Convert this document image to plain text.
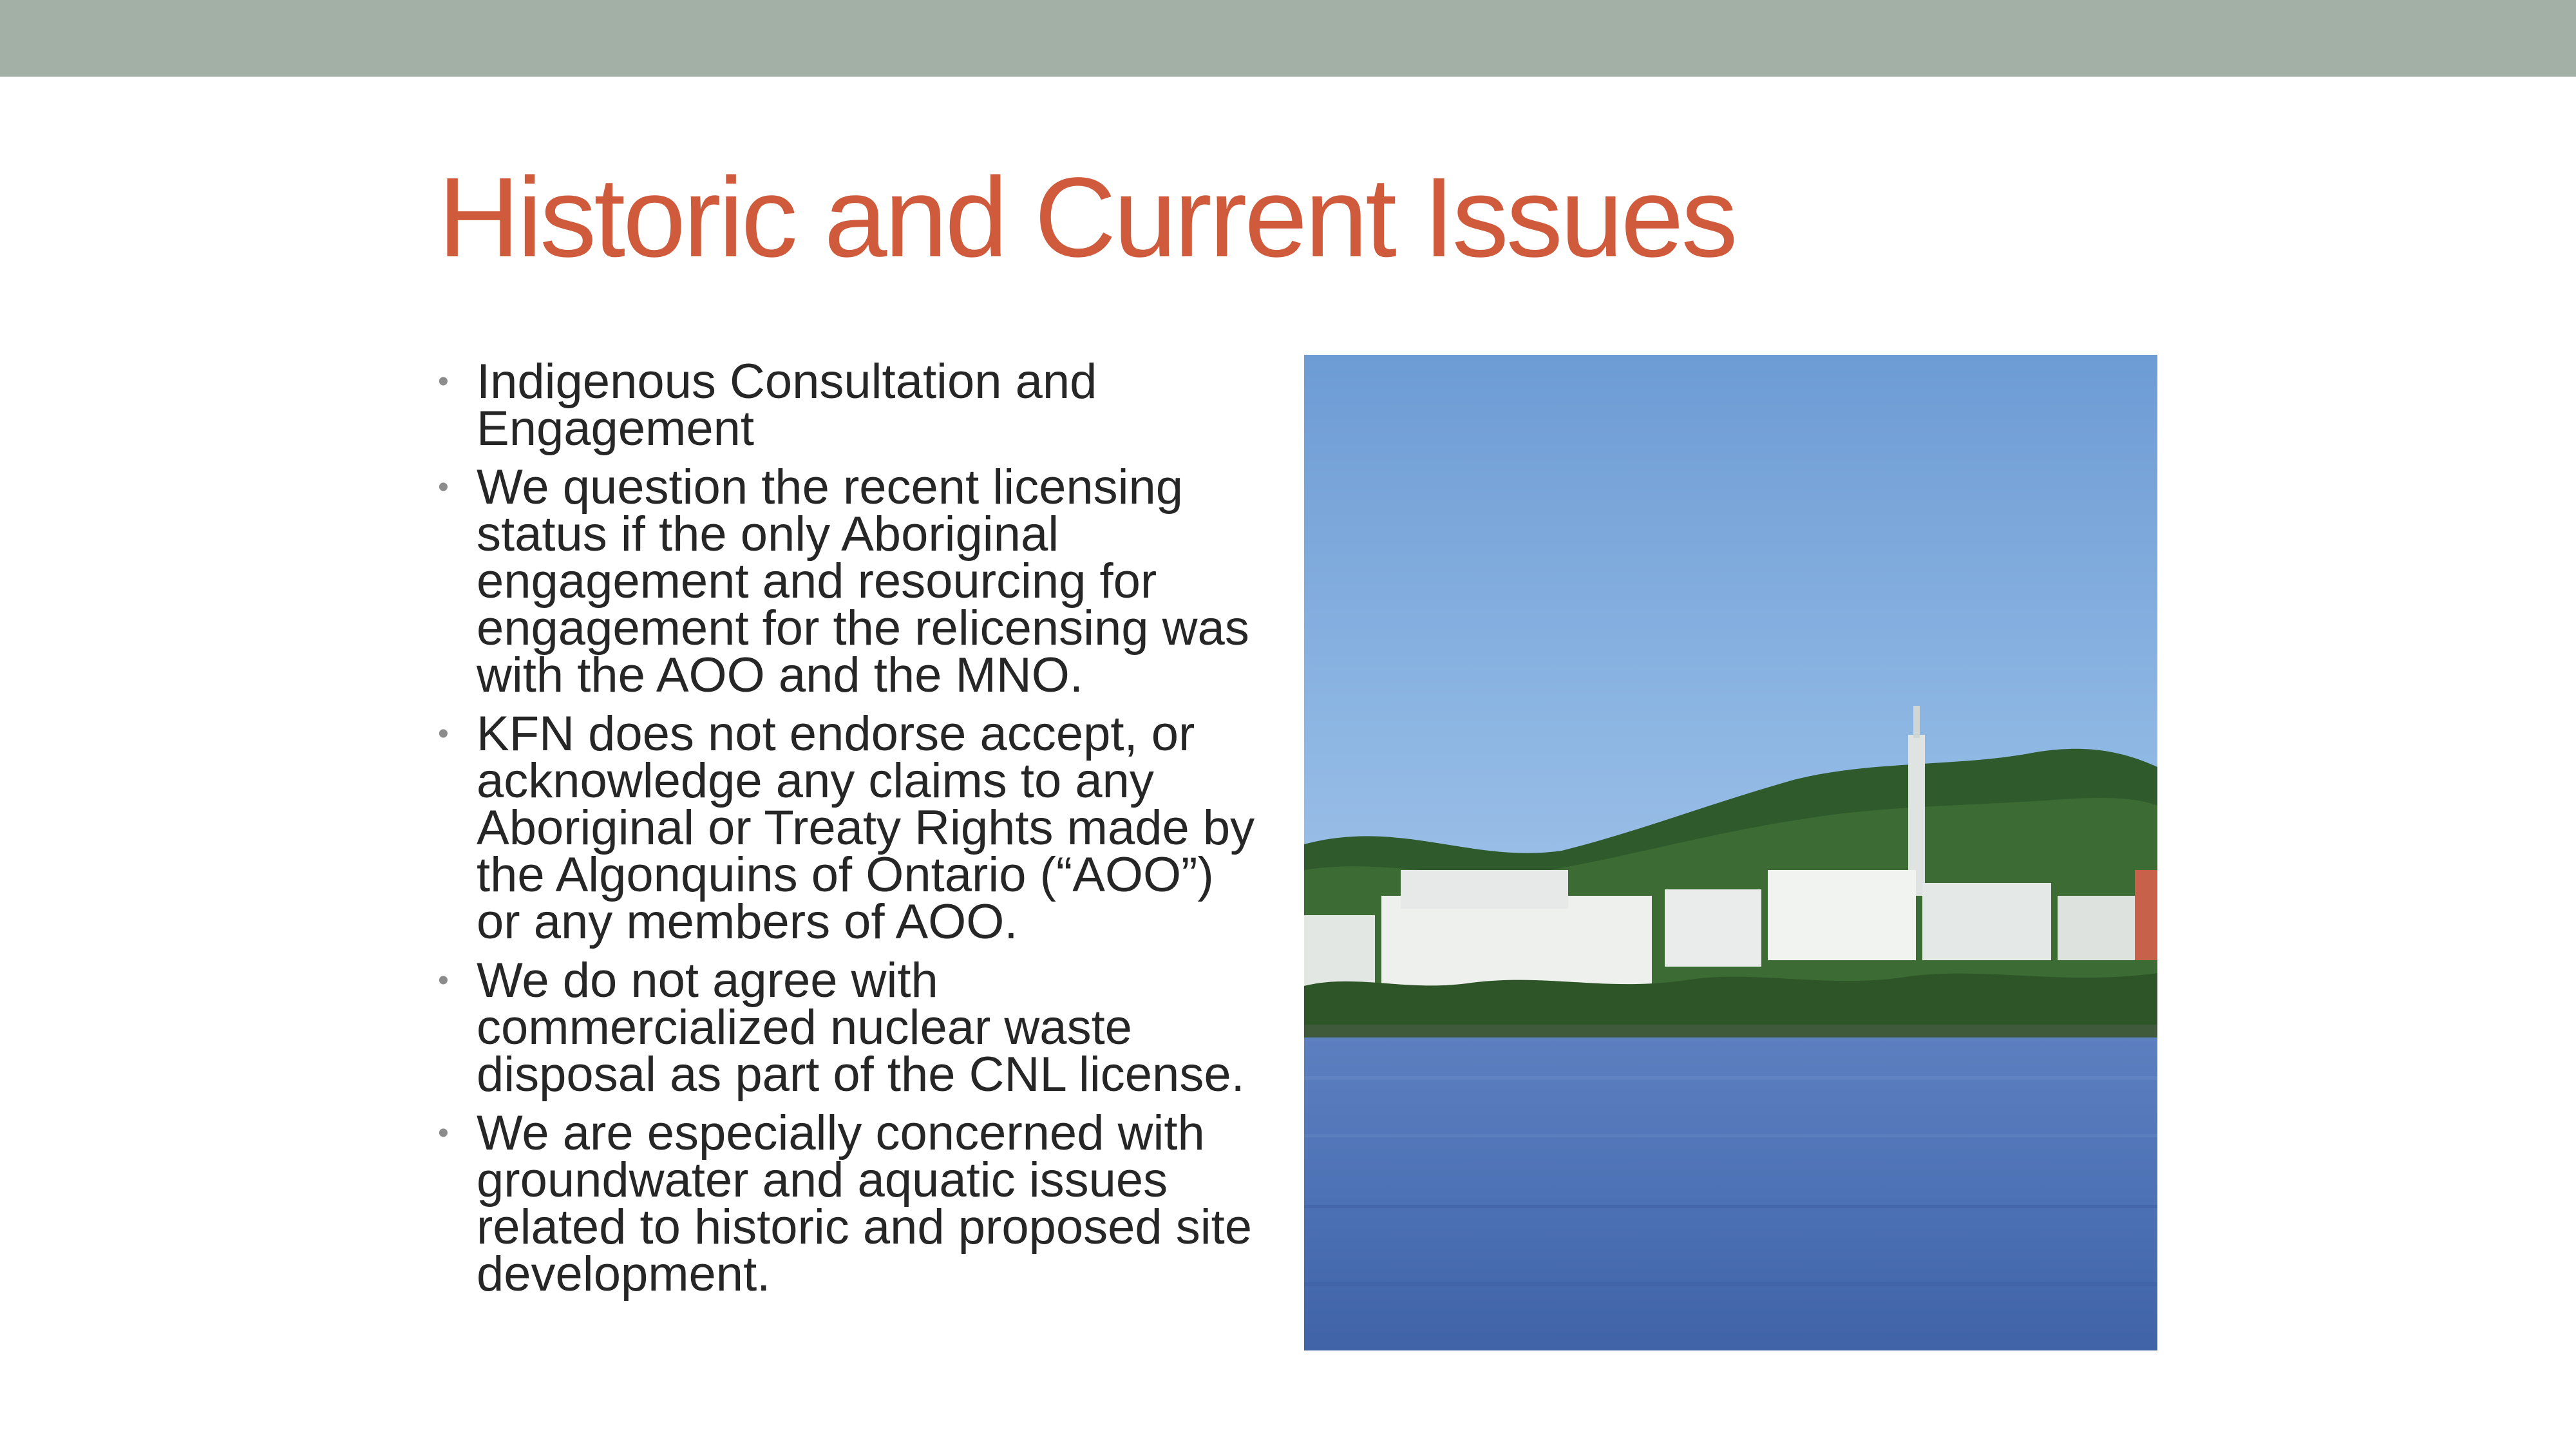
Historic and Current Issues
• Indigenous Consultation and Engagement
• We question the recent licensing status if the only Aboriginal engagement and resourcing for engagement for the relicensing was with the AOO and the MNO.
• KFN does not endorse accept, or acknowledge any claims to any Aboriginal or Treaty Rights made by the Algonquins of Ontario (“AOO”) or any members of AOO.
• We do not agree with commercialized nuclear waste disposal as part of the CNL license.
• We are especially concerned with groundwater and aquatic issues related to historic and proposed site development.
